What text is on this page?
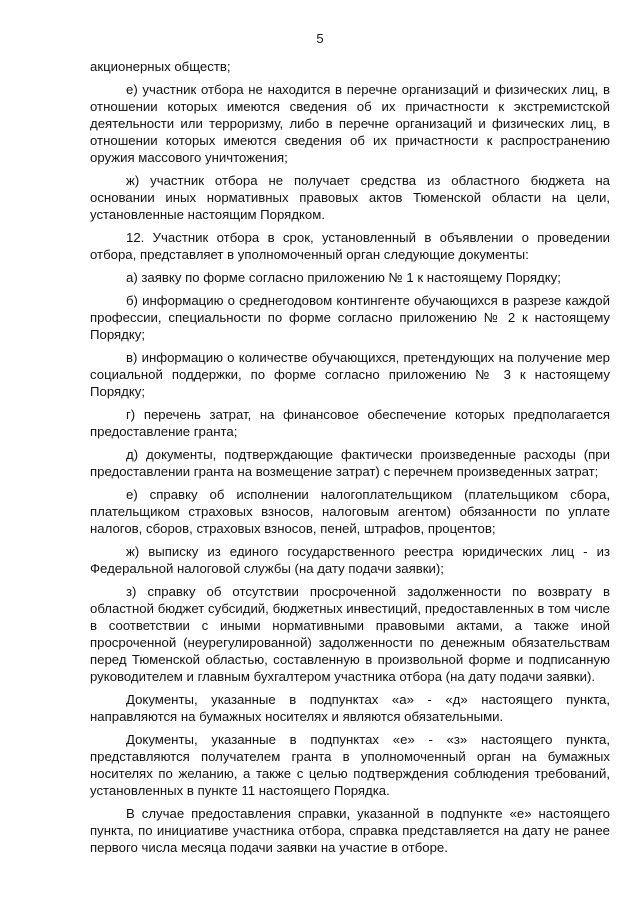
5

акционерных обществ;

е) участник отбора не находится в перечне организаций и физических лиц, в отношении которых имеются сведения об их причастности к экстремистской деятельности или терроризму, либо в перечне организаций и физических лиц, в отношении которых имеются сведения об их причастности к распространению оружия массового уничтожения;

ж) участник отбора не получает средства из областного бюджета на основании иных нормативных правовых актов Тюменской области на цели, установленные настоящим Порядком.

12. Участник отбора в срок, установленный в объявлении о проведении отбора, представляет в уполномоченный орган следующие документы:

а) заявку по форме согласно приложению № 1 к настоящему Порядку;

б) информацию о среднегодовом контингенте обучающихся в разрезе каждой профессии, специальности по форме согласно приложению № 2 к настоящему Порядку;

в) информацию о количестве обучающихся, претендующих на получение мер социальной поддержки, по форме согласно приложению № 3 к настоящему Порядку;

г) перечень затрат, на финансовое обеспечение которых предполагается предоставление гранта;

д) документы, подтверждающие фактически произведенные расходы (при предоставлении гранта на возмещение затрат) с перечнем произведенных затрат;

е) справку об исполнении налогоплательщиком (плательщиком сбора, плательщиком страховых взносов, налоговым агентом) обязанности по уплате налогов, сборов, страховых взносов, пеней, штрафов, процентов;

ж) выписку из единого государственного реестра юридических лиц - из Федеральной налоговой службы (на дату подачи заявки);

з) справку об отсутствии просроченной задолженности по возврату в областной бюджет субсидий, бюджетных инвестиций, предоставленных в том числе в соответствии с иными нормативными правовыми актами, а также иной просроченной (неурегулированной) задолженности по денежным обязательствам перед Тюменской областью, составленную в произвольной форме и подписанную руководителем и главным бухгалтером участника отбора (на дату подачи заявки).

Документы, указанные в подпунктах «а» - «д» настоящего пункта, направляются на бумажных носителях и являются обязательными.

Документы, указанные в подпунктах «е» - «з» настоящего пункта, представляются получателем гранта в уполномоченный орган на бумажных носителях по желанию, а также с целью подтверждения соблюдения требований, установленных в пункте 11 настоящего Порядка.

В случае предоставления справки, указанной в подпункте «е» настоящего пункта, по инициативе участника отбора, справка представляется на дату не ранее первого числа месяца подачи заявки на участие в отборе.
